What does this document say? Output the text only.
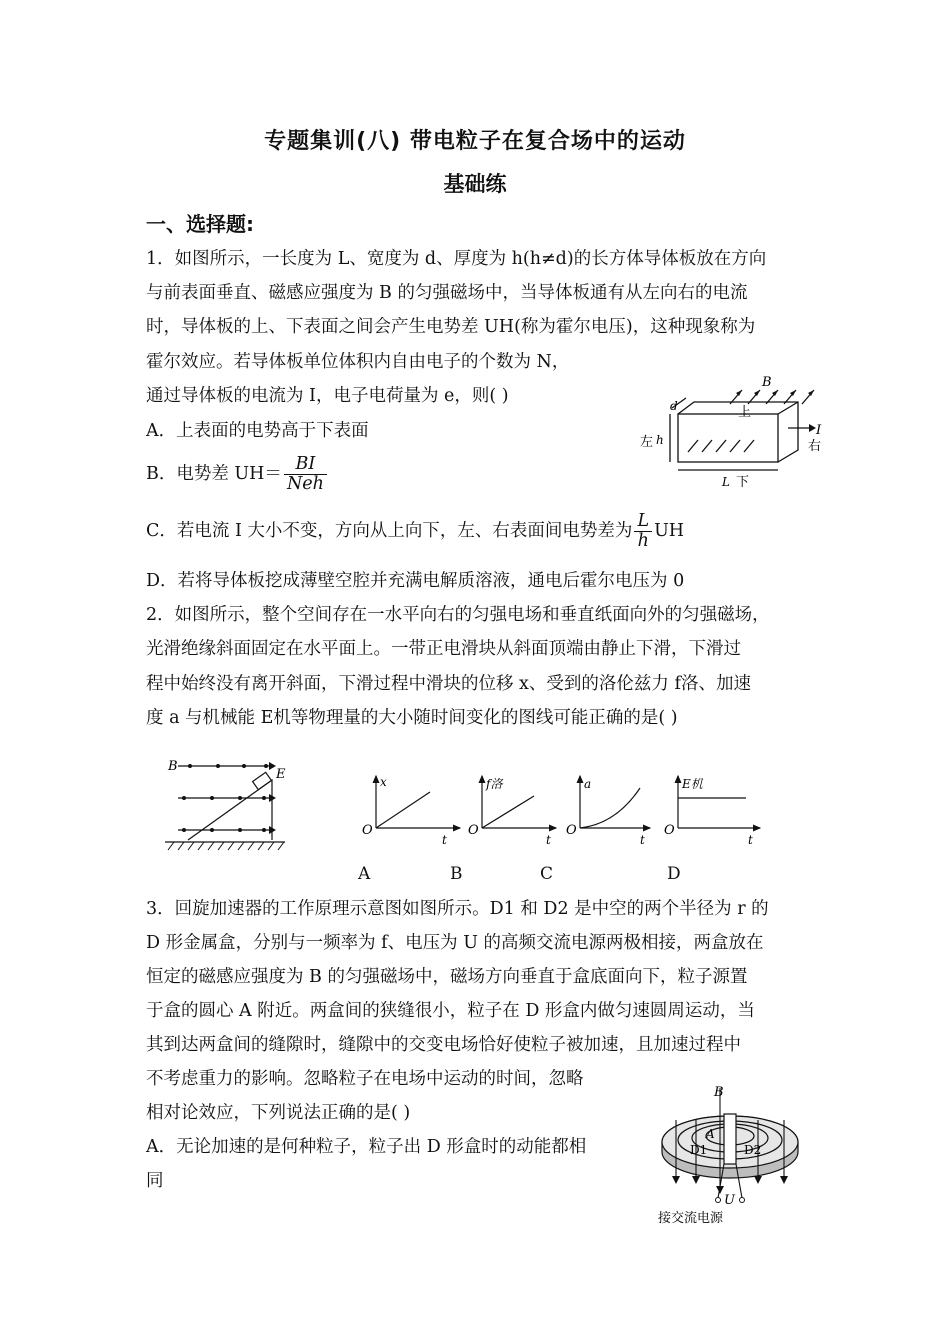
专题集训(八) 带电粒子在复合场中的运动
基础练
一、选择题:
1．如图所示，一长度为 L、宽度为 d、厚度为 h(h≠d)的长方体导体板放在方向
与前表面垂直、磁感应强度为 B 的匀强磁场中，当导体板通有从左向右的电流
时，导体板的上、下表面之间会产生电势差 UH(称为霍尔电压)，这种现象称为
霍尔效应。若导体板单位体积内自由电子的个数为 N，
通过导体板的电流为 I，电子电荷量为 e，则( )
A．上表面的电势高于下表面
B．电势差 $UH= \frac{BI}{\text{Neh}}$
C．若电流 I 大小不变，方向从上向下，左、右表面间电势差为 $\frac{L}{h}$ UH
D．若将导体板挖成薄壁空腔并充满电解质溶液，通电后霍尔电压为 0
B
上
左 h
d
I
右
L 下
2．如图所示，整个空间存在一水平向右的匀强电场和垂直纸面向外的匀强磁场，
光滑绝缘斜面固定在水平面上。一带正电滑块从斜面顶端由静止下滑，下滑过
程中始终没有离开斜面，下滑过程中滑块的位移 x、受到的洛伦兹力 f洛、加速
度 a 与机械能 E机等物理量的大小随时间变化的图线可能正确的是( )
B
E	x
O
t
f洛
O
t
a
O
t
E机
O
t
A	B	C	D
3．回旋加速器的工作原理示意图如图所示。D1 和 D2 是中空的两个半径为 r 的
D 形金属盒，分别与一频率为 f、电压为 U 的高频交流电源两极相接，两盒放在
恒定的磁感应强度为 B 的匀强磁场中，磁场方向垂直于盒底面向下，粒子源置
于盒的圆心 A 附近。两盒间的狭缝很小，粒子在 D 形盒内做匀速圆周运动，当
其到达两盒间的缝隙时，缝隙中的交变电场恰好使粒子被加速，且加速过程中
不考虑重力的影响。忽略粒子在电场中运动的时间，忽略
相对论效应，下列说法正确的是( )
A．无论加速的是何种粒子，粒子出 D 形盒时的动能都相
同
B
A
D1	D2
U
接交流电源
